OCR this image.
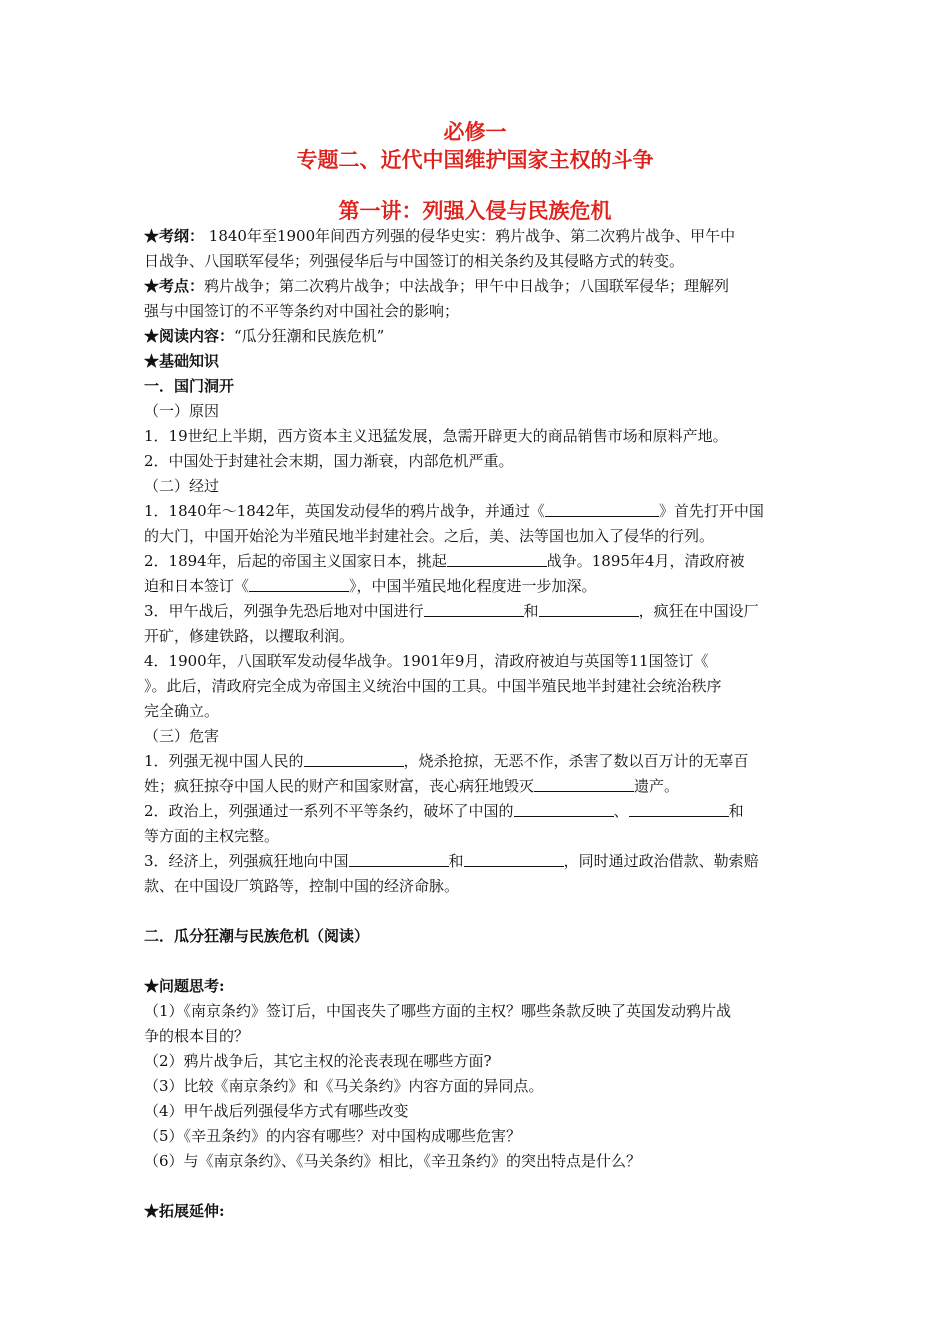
必修一
专题二、近代中国维护国家主权的斗争
第一讲：列强入侵与民族危机
★考纲： 1840年至1900年间西方列强的侵华史实：鸦片战争、第二次鸦片战争、甲午中
日战争、八国联军侵华；列强侵华后与中国签订的相关条约及其侵略方式的转变。
★考点：鸦片战争；第二次鸦片战争；中法战争；甲午中日战争；八国联军侵华；理解列
强与中国签订的不平等条约对中国社会的影响；
★阅读内容：“瓜分狂潮和民族危机”
★基础知识
一．国门洞开
（一）原因
1．19世纪上半期，西方资本主义迅猛发展，急需开辟更大的商品销售市场和原料产地。
2．中国处于封建社会末期，国力渐衰，内部危机严重。
（二）经过
1．1840年～1842年，英国发动侵华的鸦片战争，并通过《	》首先打开中国
的大门，中国开始沦为半殖民地半封建社会。之后，美、法等国也加入了侵华的行列。
2．1894年，后起的帝国主义国家日本，挑起	战争。1895年4月，清政府被
迫和日本签订《	》，中国半殖民地化程度进一步加深。
3．甲午战后，列强争先恐后地对中国进行	和	，疯狂在中国设厂
开矿，修建铁路，以攫取利润。
4．1900年，八国联军发动侵华战争。1901年9月，清政府被迫与英国等11国签订《
》。此后，清政府完全成为帝国主义统治中国的工具。中国半殖民地半封建社会统治秩序
完全确立。
（三）危害
1．列强无视中国人民的	，烧杀抢掠，无恶不作，杀害了数以百万计的无辜百
姓；疯狂掠夺中国人民的财产和国家财富，丧心病狂地毁灭	遗产。
2．政治上，列强通过一系列不平等条约，破坏了中国的	、	和
等方面的主权完整。
3．经济上，列强疯狂地向中国	和	，同时通过政治借款、勒索赔
款、在中国设厂筑路等，控制中国的经济命脉。
二．瓜分狂潮与民族危机（阅读）
★问题思考:
（1）《南京条约》签订后，中国丧失了哪些方面的主权？哪些条款反映了英国发动鸦片战
争的根本目的？
（2）鸦片战争后，其它主权的沦丧表现在哪些方面?
（3）比较《南京条约》和《马关条约》内容方面的异同点。
（4）甲午战后列强侵华方式有哪些改变
（5）《辛丑条约》的内容有哪些？对中国构成哪些危害？
（6）与《南京条约》、《马关条约》相比，《辛丑条约》的突出特点是什么？
★拓展延伸:
